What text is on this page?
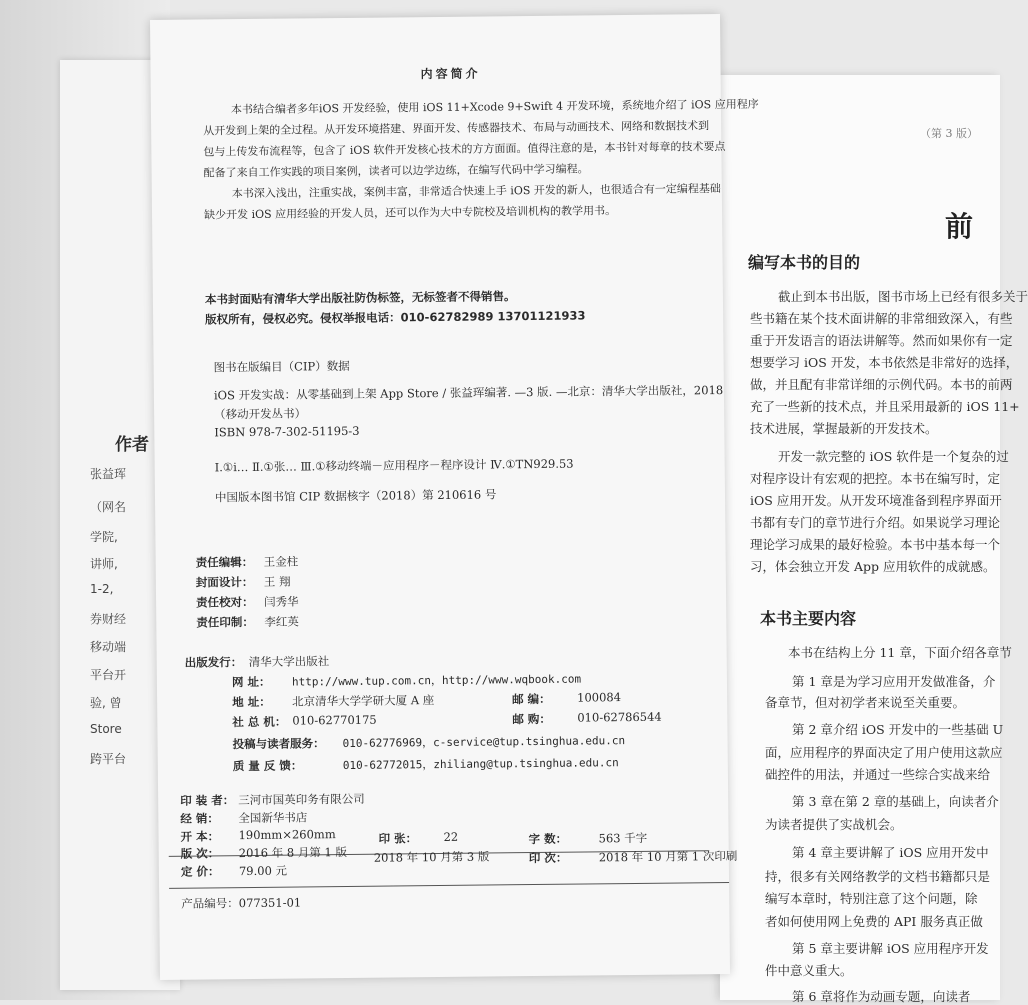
作者
张益珲
（网名
学院,
讲师,
1-2,
券财经
移动端
平台开
验, 曾
Store
跨平台
（第 3 版）
前
编写本书的目的
截止到本书出版，图书市场上已经有很多关于
些书籍在某个技术面讲解的非常细致深入，有些
重于开发语言的语法讲解等。然而如果你有一定
想要学习 iOS 开发，本书依然是非常好的选择，
做，并且配有非常详细的示例代码。本书的前两
充了一些新的技术点，并且采用最新的 iOS 11+
技术进展，掌握最新的开发技术。
开发一款完整的 iOS 软件是一个复杂的过
对程序设计有宏观的把控。本书在编写时，定
iOS 应用开发。从开发环境准备到程序界面开
书都有专门的章节进行介绍。如果说学习理论
理论学习成果的最好检验。本书中基本每一个
习，体会独立开发 App 应用软件的成就感。
本书主要内容
本书在结构上分 11 章，下面介绍各章节
第 1 章是为学习应用开发做准备，介
备章节，但对初学者来说至关重要。
第 2 章介绍 iOS 开发中的一些基础 U
面，应用程序的界面决定了用户使用这款应
础控件的用法，并通过一些综合实战来给
第 3 章在第 2 章的基础上，向读者介
为读者提供了实战机会。
第 4 章主要讲解了 iOS 应用开发中
持，很多有关网络教学的文档书籍都只是
编写本章时，特别注意了这个问题，除
者如何使用网上免费的 API 服务真正做
第 5 章主要讲解 iOS 应用程序开发
件中意义重大。
第 6 章将作为动画专题，向读者
内容简介
本书结合编者多年iOS 开发经验，使用 iOS 11+Xcode 9+Swift 4 开发环境，系统地介绍了 iOS 应用程序
从开发到上架的全过程。从开发环境搭建、界面开发、传感器技术、布局与动画技术、网络和数据技术到
包与上传发布流程等，包含了 iOS 软件开发核心技术的方方面面。值得注意的是，本书针对每章的技术要点
配备了来自工作实践的项目案例，读者可以边学边练，在编写代码中学习编程。
本书深入浅出，注重实战，案例丰富，非常适合快速上手 iOS 开发的新人，也很适合有一定编程基础
缺少开发 iOS 应用经验的开发人员，还可以作为大中专院校及培训机构的教学用书。
本书封面贴有清华大学出版社防伪标签，无标签者不得销售。
版权所有，侵权必究。侵权举报电话：010-62782989 13701121933
图书在版编目（CIP）数据
iOS 开发实战：从零基础到上架 App Store / 张益珲编著. —3 版. —北京：清华大学出版社，2018
（移动开发丛书）
ISBN 978-7-302-51195-3
Ⅰ.①i… Ⅱ.①张… Ⅲ.①移动终端－应用程序－程序设计 Ⅳ.①TN929.53
中国版本图书馆 CIP 数据核字（2018）第 210616 号
责任编辑： 王金柱
封面设计： 王 翔
责任校对： 闫秀华
责任印制： 李红英
出版发行： 清华大学出版社
网 址： http://www.tup.com.cn，http://www.wqbook.com
地 址： 北京清华大学学研大厦 A 座	邮 编： 100084
社 总 机： 010-62770175	邮 购： 010-62786544
投稿与读者服务： 010-62776969，c-service@tup.tsinghua.edu.cn
质 量 反 馈：	010-62772015，zhiliang@tup.tsinghua.edu.cn
印 装 者： 三河市国英印务有限公司
经 销： 全国新华书店
开 本： 190mm×260mm	印 张： 22	字 数：	563 千字
版 次： 2016 年 8 月第 1 版 2018 年 10 月第 3 版	印 次：	2018 年 10 月第 1 次印刷
定 价： 79.00 元
产品编号：077351-01
